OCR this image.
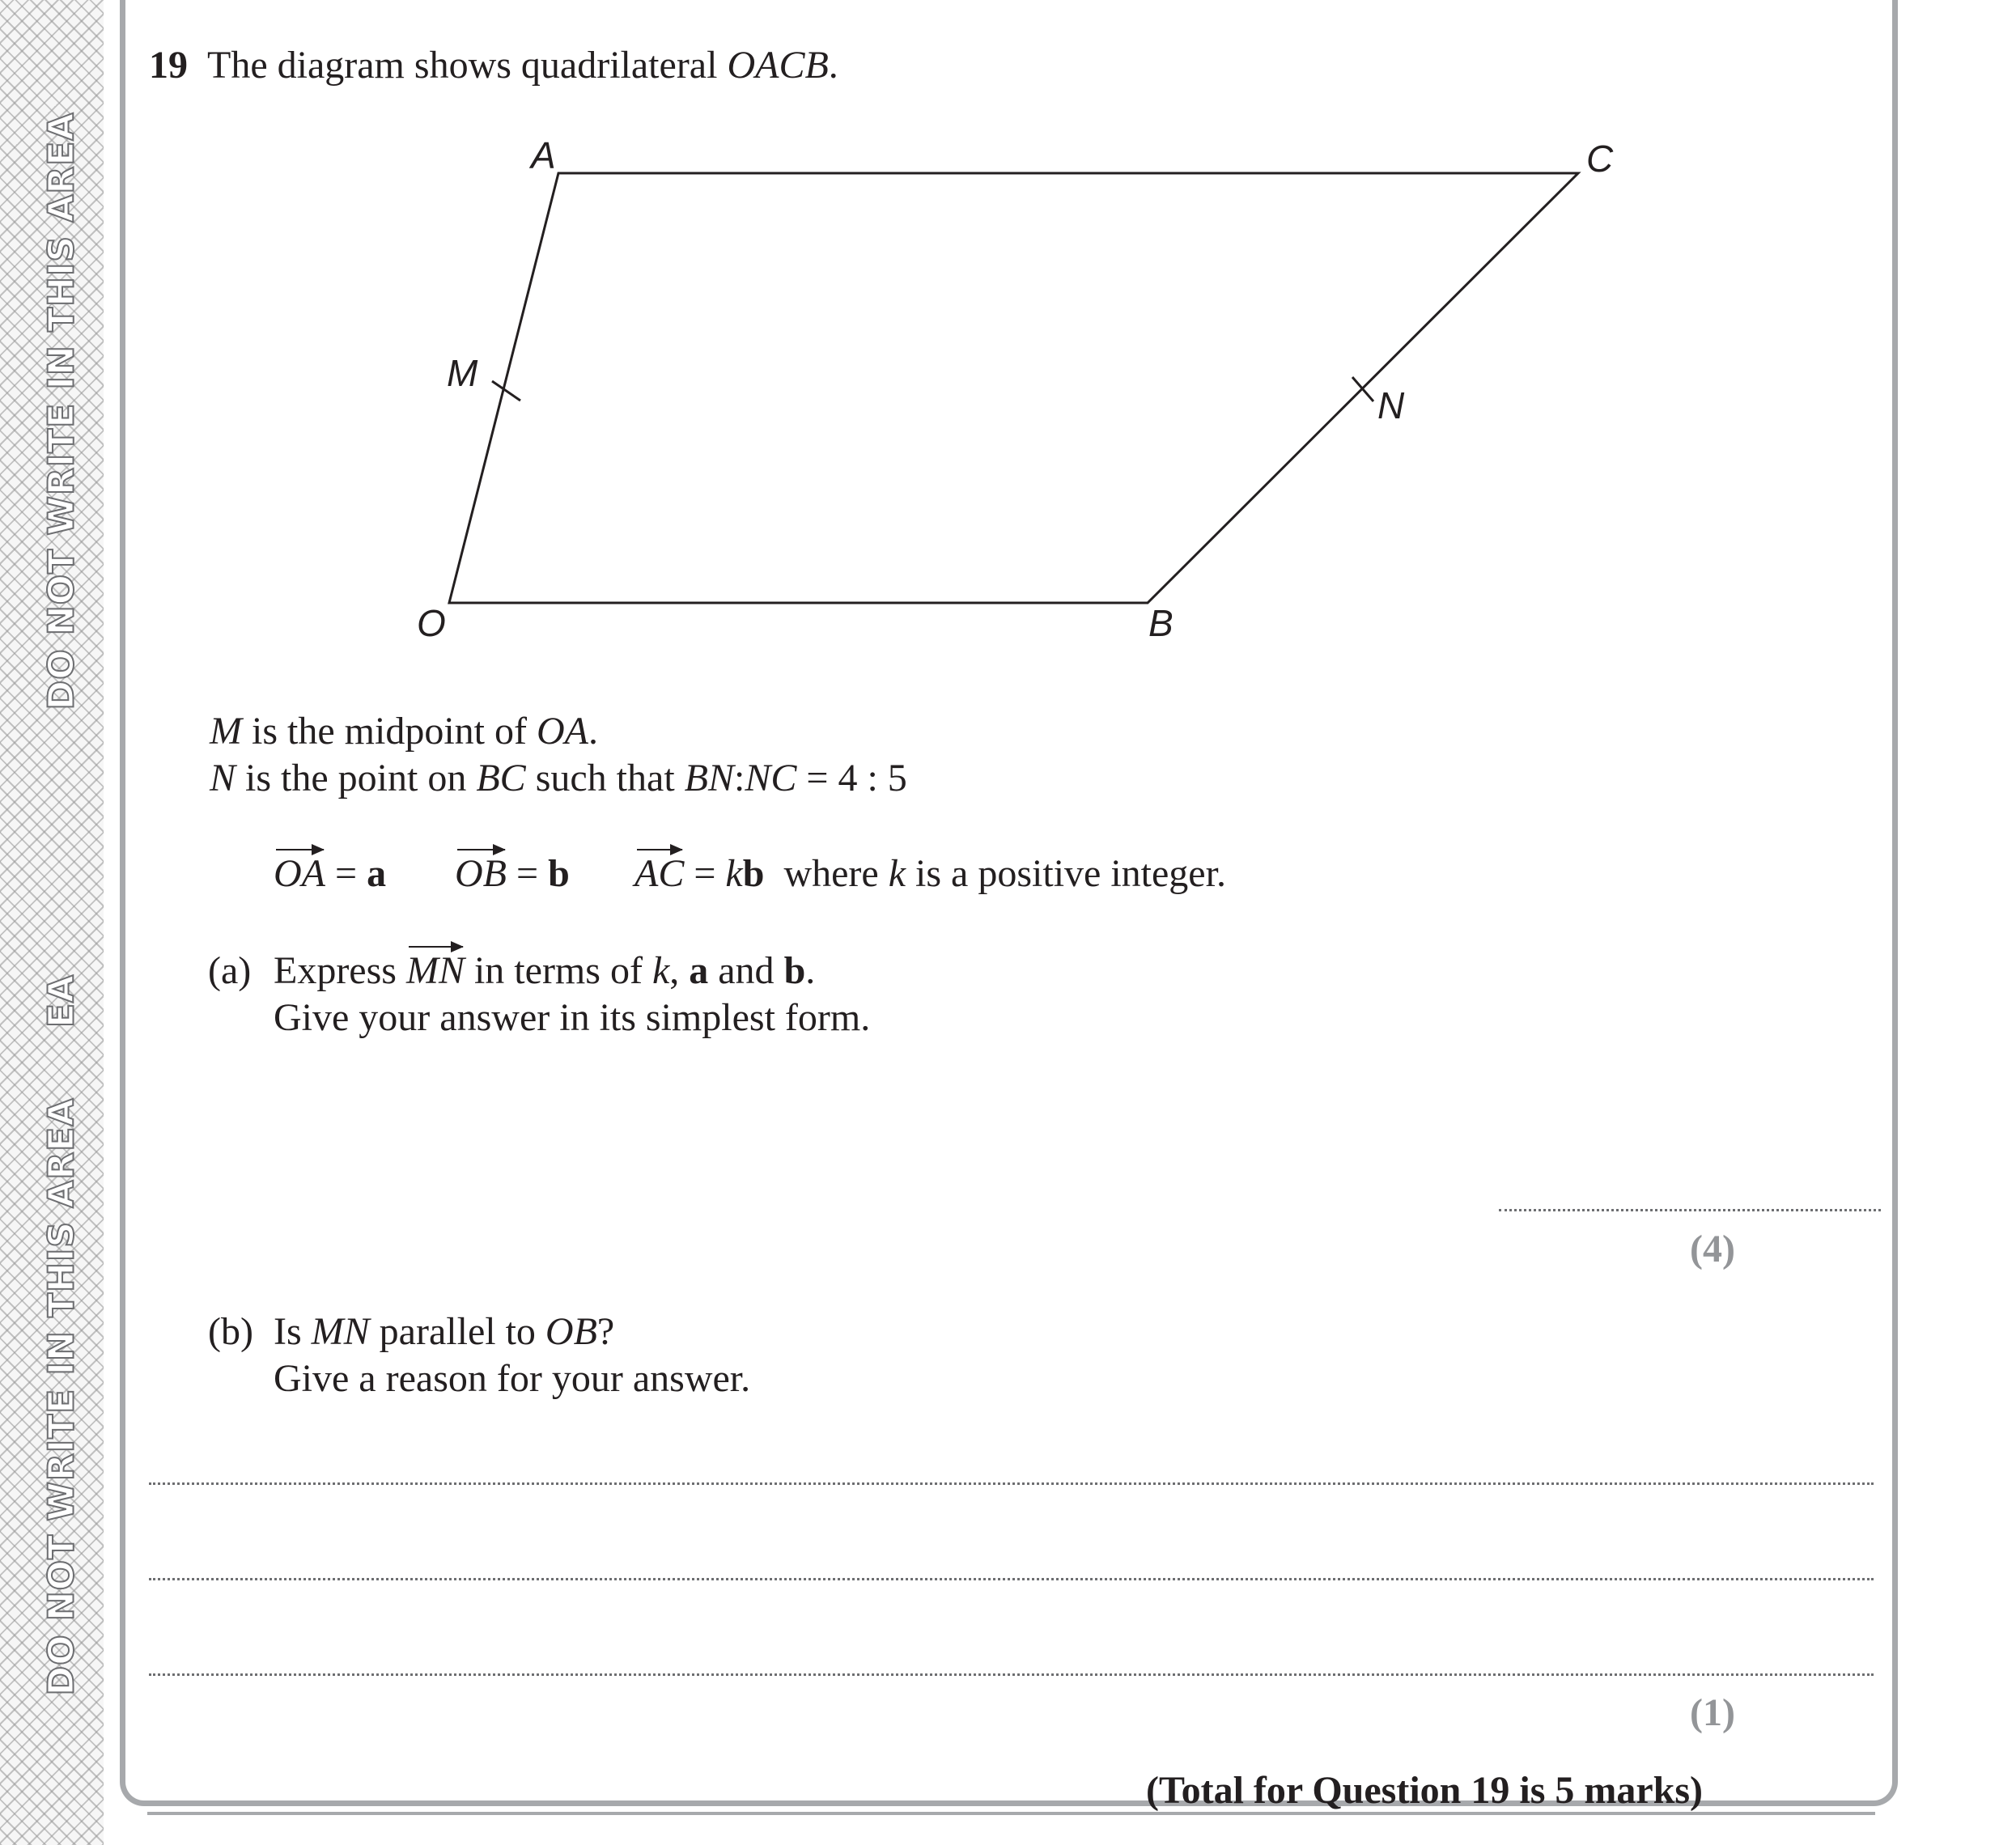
DO NOT WRITE IN THIS AREA
EA
DO NOT WRITE IN THIS AREA
19 The diagram shows quadrilateral OACB.
A	C
M
N
O	B
M is the midpoint of OA.
N is the point on BC such that BN:NC = 4 : 5
OA = a OB = b AC = kb  where k is a positive integer.
(a) Express MN in terms of k, a and b.
Give your answer in its simplest form.
(4)
(b) Is MN parallel to OB?
Give a reason for your answer.
(1)
(Total for Question 19 is 5 marks)
